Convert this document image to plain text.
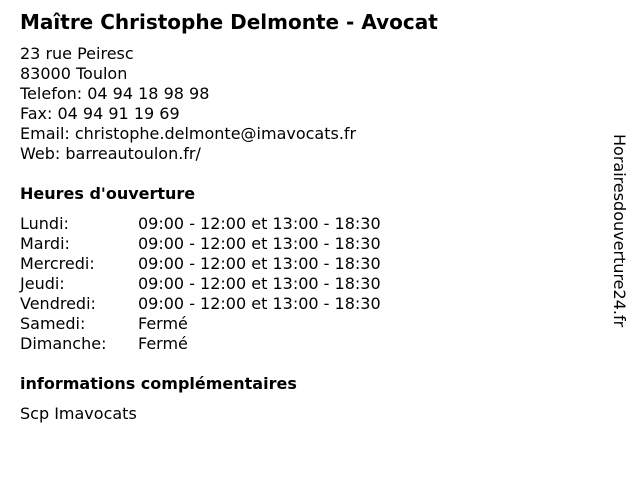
Maître Christophe Delmonte - Avocat
23 rue Peiresc
83000 Toulon
Telefon: 04 94 18 98 98
Fax: 04 94 91 19 69
Email: christophe.delmonte@imavocats.fr
Web: barreautoulon.fr/
Heures d'ouverture
Lundi:	09:00 - 12:00 et 13:00 - 18:30
Mardi:	09:00 - 12:00 et 13:00 - 18:30
Mercredi:	09:00 - 12:00 et 13:00 - 18:30
Jeudi:	09:00 - 12:00 et 13:00 - 18:30
Vendredi:	09:00 - 12:00 et 13:00 - 18:30
Samedi:	Fermé
Dimanche: Fermé
informations complémentaires
Scp Imavocats
Horairesdouverture24.fr
